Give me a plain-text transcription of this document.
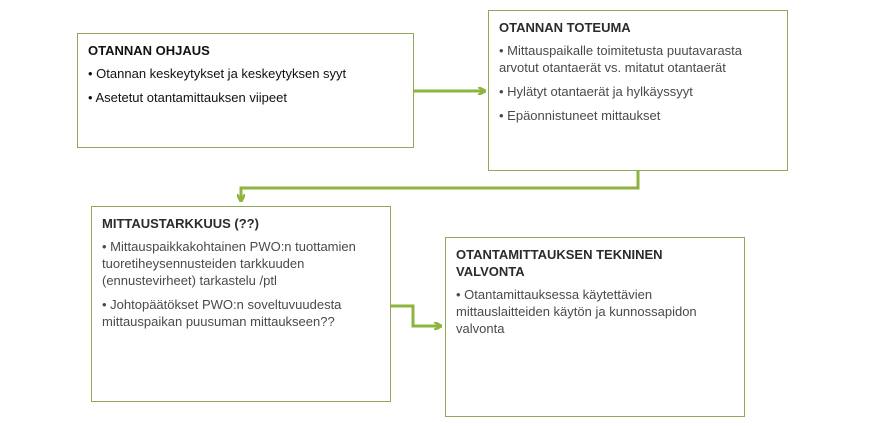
OTANNAN OHJAUS
• Otannan keskeytykset ja keskeytyksen syyt
• Asetetut otantamittauksen viipeet
OTANNAN TOTEUMA
• Mittauspaikalle toimitetusta puutavarasta arvotut otantaerät vs. mitatut otantaerät
• Hylätyt otantaerät ja hylkäyssyyt
• Epäonnistuneet mittaukset
MITTAUSTARKKUUS (??)
• Mittauspaikkakohtainen PWO:n tuottamien tuoretiheysennusteiden tarkkuuden (ennustevirheet) tarkastelu /ptl
• Johtopäätökset PWO:n soveltuvuudesta mittauspaikan puusuman mittaukseen??
OTANTAMITTAUKSEN TEKNINEN VALVONTA
• Otantamittauksessa käytettävien mittauslaitteiden käytön ja kunnossapidon valvonta
